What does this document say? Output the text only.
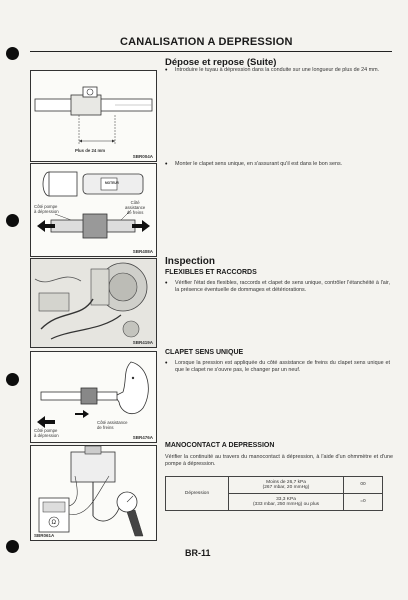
CANALISATION A DEPRESSION
Plus de 24 mm
SBR004A
MOTEUR
Côté pompe
à dépression
Côté
assistance
de freins
SBR408A
SBR419A
Côté assistance
de freins
Côté pompe
à dépression	SBR476A
Ω
SBR061A
Dépose et repose (Suite)
• Introduire le tuyau à dépression dans la conduite sur une longueur de plus de 24 mm.
• Monter le clapet sens unique, en s'assurant qu'il est dans le bon sens.
Inspection
FLEXIBLES ET RACCORDS
• Vérifier l'état des flexibles, raccords et clapet de sens unique, contrôler l'étanchéité à l'air, la présence éventuelle de dommages et détériorations.
CLAPET SENS UNIQUE
• Lorsque la pression est appliquée du côté assistance de freins du clapet sens unique et que le clapet ne s'ouvre pas, le changer par un neuf.
MANOCONTACT A DEPRESSION
Vérifier la continuité au travers du manocontact à dépression, à l'aide d'un ohmmètre et d'une pompe à dépression.
Dépression	Moins de 26,7 kPa
(267 mbar, 20 mmHg)	00

	33,3 KPa
(333 mbar, 250 mmHg) ou plus	=0
BR-11
